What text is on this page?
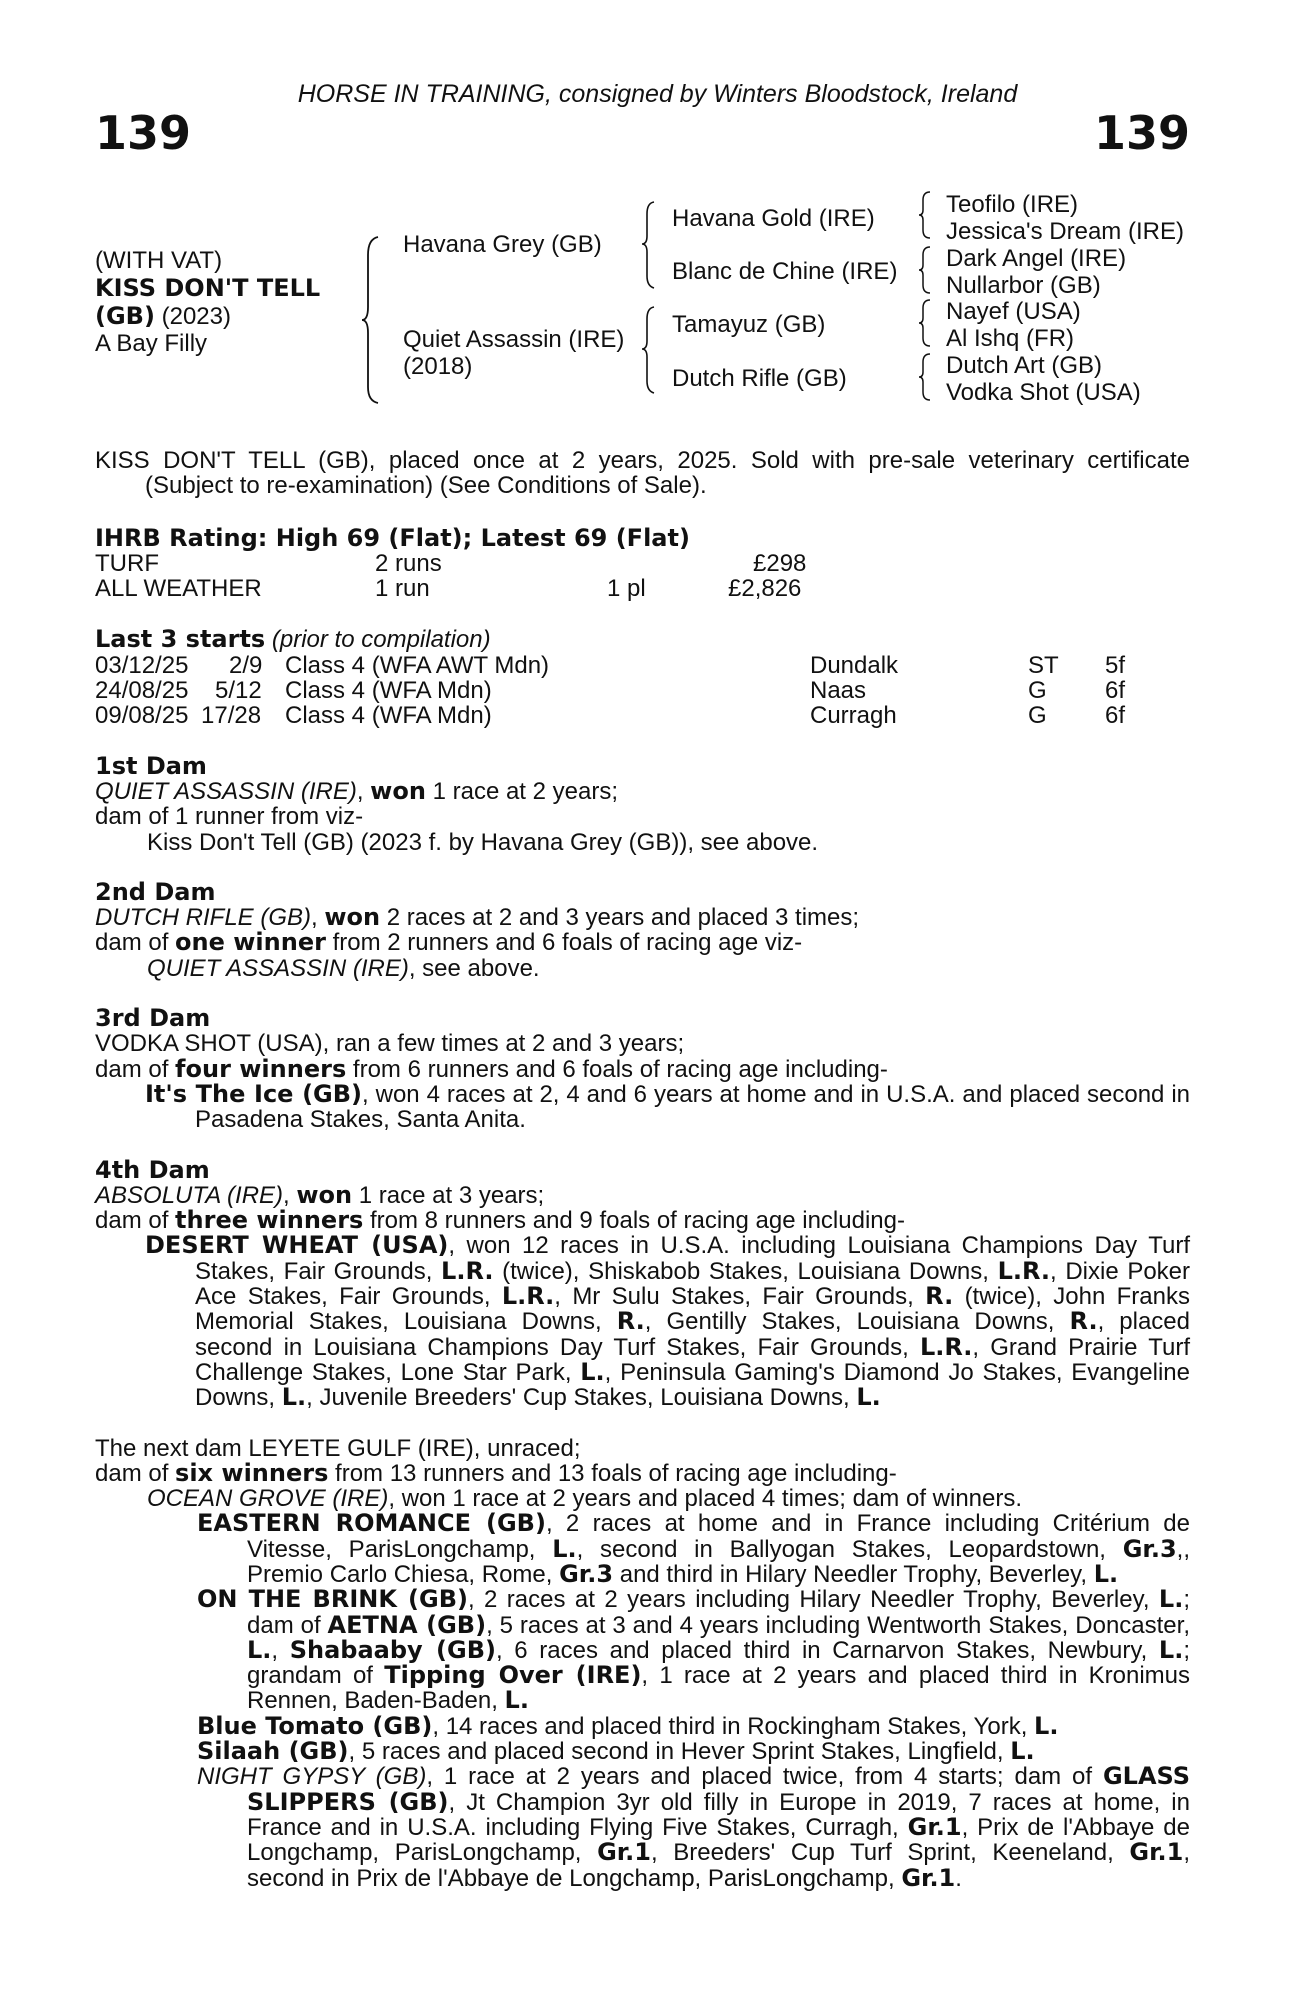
HORSE IN TRAINING, consigned by Winters Bloodstock, Ireland
139	139
(WITH VAT)
KISS DON'T TELL
(GB) (2023)
A Bay Filly
Havana Grey (GB)
Quiet Assassin (IRE)
(2018)
Havana Gold (IRE)
Blanc de Chine (IRE)
Tamayuz (GB)
Dutch Rifle (GB)
Teofilo (IRE)
Jessica's Dream (IRE)
Dark Angel (IRE)
Nullarbor (GB)
Nayef (USA)
Al Ishq (FR)
Dutch Art (GB)
Vodka Shot (USA)

KISS DON'T TELL (GB), placed once at 2 years, 2025. Sold with pre-sale veterinary certificate (Subject to re-examination) (See Conditions of Sale).

IHRB Rating: High 69 (Flat); Latest 69 (Flat)

TURF	2 runs	£298
ALL WEATHER	1 run	1 pl	£2,826

Last 3 starts (prior to compilation)

03/12/25 2/9 Class 4 (WFA AWT Mdn)	Dundalk	ST 5f
24/08/25 5/12 Class 4 (WFA Mdn)	Naas	G 6f
09/08/25 17/28 Class 4 (WFA Mdn)	Curragh	G 6f

1st Dam

QUIET ASSASSIN (IRE), won 1 race at 2 years;

dam of 1 runner from viz-

Kiss Don't Tell (GB) (2023 f. by Havana Grey (GB)), see above.

2nd Dam

DUTCH RIFLE (GB), won 2 races at 2 and 3 years and placed 3 times;

dam of one winner from 2 runners and 6 foals of racing age viz-

QUIET ASSASSIN (IRE), see above.

3rd Dam

VODKA SHOT (USA), ran a few times at 2 and 3 years;

dam of four winners from 6 runners and 6 foals of racing age including-

It's The Ice (GB), won 4 races at 2, 4 and 6 years at home and in U.S.A. and placed second in Pasadena Stakes, Santa Anita.

4th Dam

ABSOLUTA (IRE), won 1 race at 3 years;

dam of three winners from 8 runners and 9 foals of racing age including-

DESERT WHEAT (USA), won 12 races in U.S.A. including Louisiana Champions Day Turf Stakes, Fair Grounds, L.R. (twice), Shiskabob Stakes, Louisiana Downs, L.R., Dixie Poker Ace Stakes, Fair Grounds, L.R., Mr Sulu Stakes, Fair Grounds, R. (twice), John Franks Memorial Stakes, Louisiana Downs, R., Gentilly Stakes, Louisiana Downs, R., placed second in Louisiana Champions Day Turf Stakes, Fair Grounds, L.R., Grand Prairie Turf Challenge Stakes, Lone Star Park, L., Peninsula Gaming's Diamond Jo Stakes, Evangeline Downs, L., Juvenile Breeders' Cup Stakes, Louisiana Downs, L.

The next dam LEYETE GULF (IRE), unraced;

dam of six winners from 13 runners and 13 foals of racing age including-

OCEAN GROVE (IRE), won 1 race at 2 years and placed 4 times; dam of winners.

EASTERN ROMANCE (GB), 2 races at home and in France including Critérium de Vitesse, ParisLongchamp, L., second in Ballyogan Stakes, Leopardstown, Gr.3,, Premio Carlo Chiesa, Rome, Gr.3 and third in Hilary Needler Trophy, Beverley, L.

ON THE BRINK (GB), 2 races at 2 years including Hilary Needler Trophy, Beverley, L.; dam of AETNA (GB), 5 races at 3 and 4 years including Wentworth Stakes, Doncaster, L., Shabaaby (GB), 6 races and placed third in Carnarvon Stakes, Newbury, L.; grandam of Tipping Over (IRE), 1 race at 2 years and placed third in Kronimus Rennen, Baden-Baden, L.

Blue Tomato (GB), 14 races and placed third in Rockingham Stakes, York, L.

Silaah (GB), 5 races and placed second in Hever Sprint Stakes, Lingfield, L.

NIGHT GYPSY (GB), 1 race at 2 years and placed twice, from 4 starts; dam of GLASS SLIPPERS (GB), Jt Champion 3yr old filly in Europe in 2019, 7 races at home, in France and in U.S.A. including Flying Five Stakes, Curragh, Gr.1, Prix de l'Abbaye de Longchamp, ParisLongchamp, Gr.1, Breeders' Cup Turf Sprint, Keeneland, Gr.1, second in Prix de l'Abbaye de Longchamp, ParisLongchamp, Gr.1.
